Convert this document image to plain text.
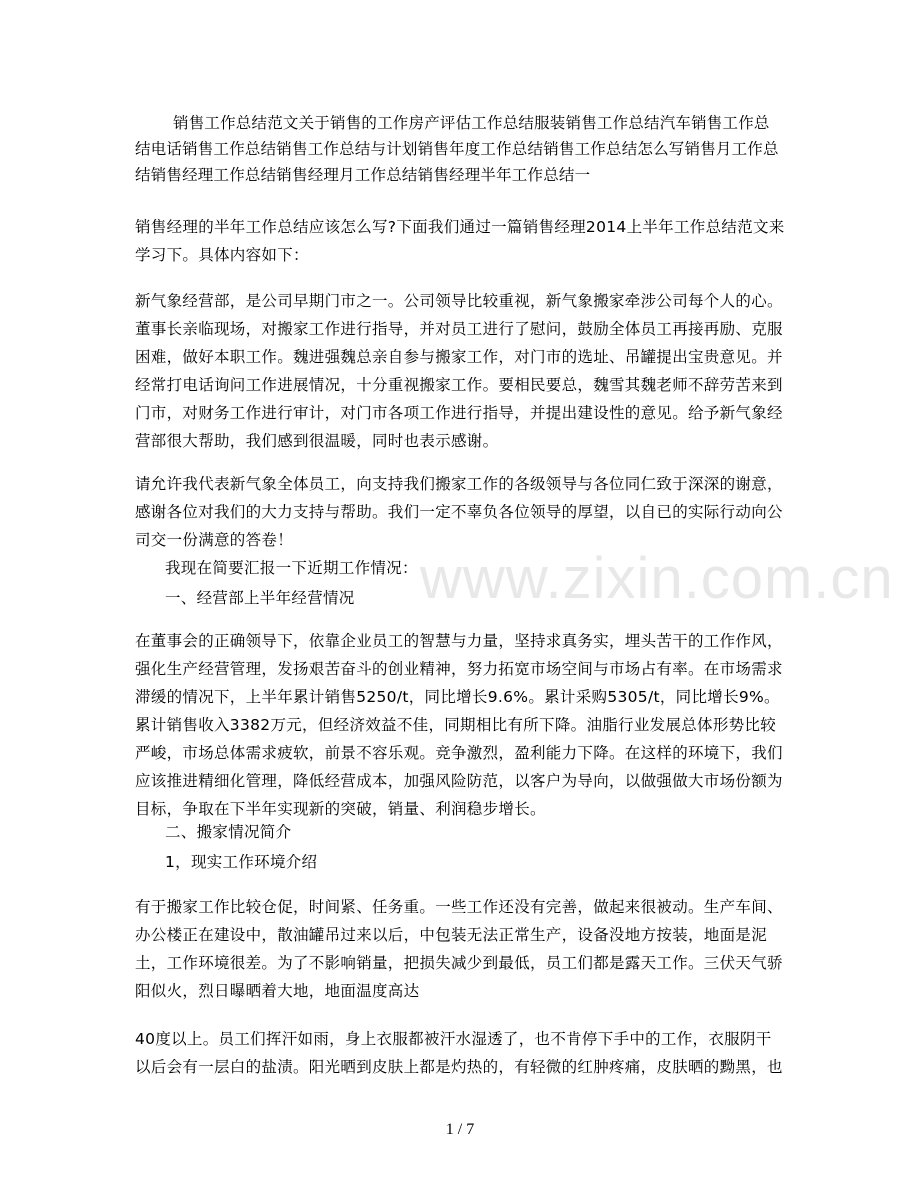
www.zixin.com.cn
销售工作总结范文关于销售的工作房产评估工作总结服装销售工作总结汽车销售工作总结电话销售工作总结销售工作总结与计划销售年度工作总结销售工作总结怎么写销售月工作总结销售经理工作总结销售经理月工作总结销售经理半年工作总结一
销售经理的半年工作总结应该怎么写?下面我们通过一篇销售经理2014上半年工作总结范文来学习下。具体内容如下：
新气象经营部，是公司早期门市之一。公司领导比较重视，新气象搬家牵涉公司每个人的心。董事长亲临现场，对搬家工作进行指导，并对员工进行了慰问，鼓励全体员工再接再励、克服困难，做好本职工作。魏进强魏总亲自参与搬家工作，对门市的选址、吊罐提出宝贵意见。并经常打电话询问工作进展情况，十分重视搬家工作。要相民要总，魏雪其魏老师不辞劳苦来到门市，对财务工作进行审计，对门市各项工作进行指导，并提出建设性的意见。给予新气象经营部很大帮助，我们感到很温暖，同时也表示感谢。
请允许我代表新气象全体员工，向支持我们搬家工作的各级领导与各位同仁致于深深的谢意，感谢各位对我们的大力支持与帮助。我们一定不辜负各位领导的厚望，以自已的实际行动向公司交一份满意的答卷！
我现在简要汇报一下近期工作情况：
一、经营部上半年经营情况
在董事会的正确领导下，依靠企业员工的智慧与力量，坚持求真务实，埋头苦干的工作作风，强化生产经营管理，发扬艰苦奋斗的创业精神，努力拓宽市场空间与市场占有率。在市场需求滞缓的情况下，上半年累计销售5250/t，同比增长9.6%。累计采购5305/t，同比增长9%。累计销售收入3382万元，但经济效益不佳，同期相比有所下降。油脂行业发展总体形势比较严峻，市场总体需求疲软，前景不容乐观。竞争激烈，盈利能力下降。在这样的环境下，我们应该推进精细化管理，降低经营成本，加强风险防范，以客户为导向，以做强做大市场份额为目标，争取在下半年实现新的突破，销量、利润稳步增长。
二、搬家情况简介
1，现实工作环境介绍
有于搬家工作比较仓促，时间紧、任务重。一些工作还没有完善，做起来很被动。生产车间、办公楼正在建设中，散油罐吊过来以后，中包装无法正常生产，设备没地方按装，地面是泥土，工作环境很差。为了不影响销量，把损失减少到最低，员工们都是露天工作。三伏天气骄阳似火，烈日曝晒着大地，地面温度高达
40度以上。员工们挥汗如雨，身上衣服都被汗水湿透了，也不肯停下手中的工作，衣服阴干以后会有一层白的盐渍。阳光晒到皮肤上都是灼热的，有轻微的红肿疼痛，皮肤晒的黝黑，也
1 / 7
